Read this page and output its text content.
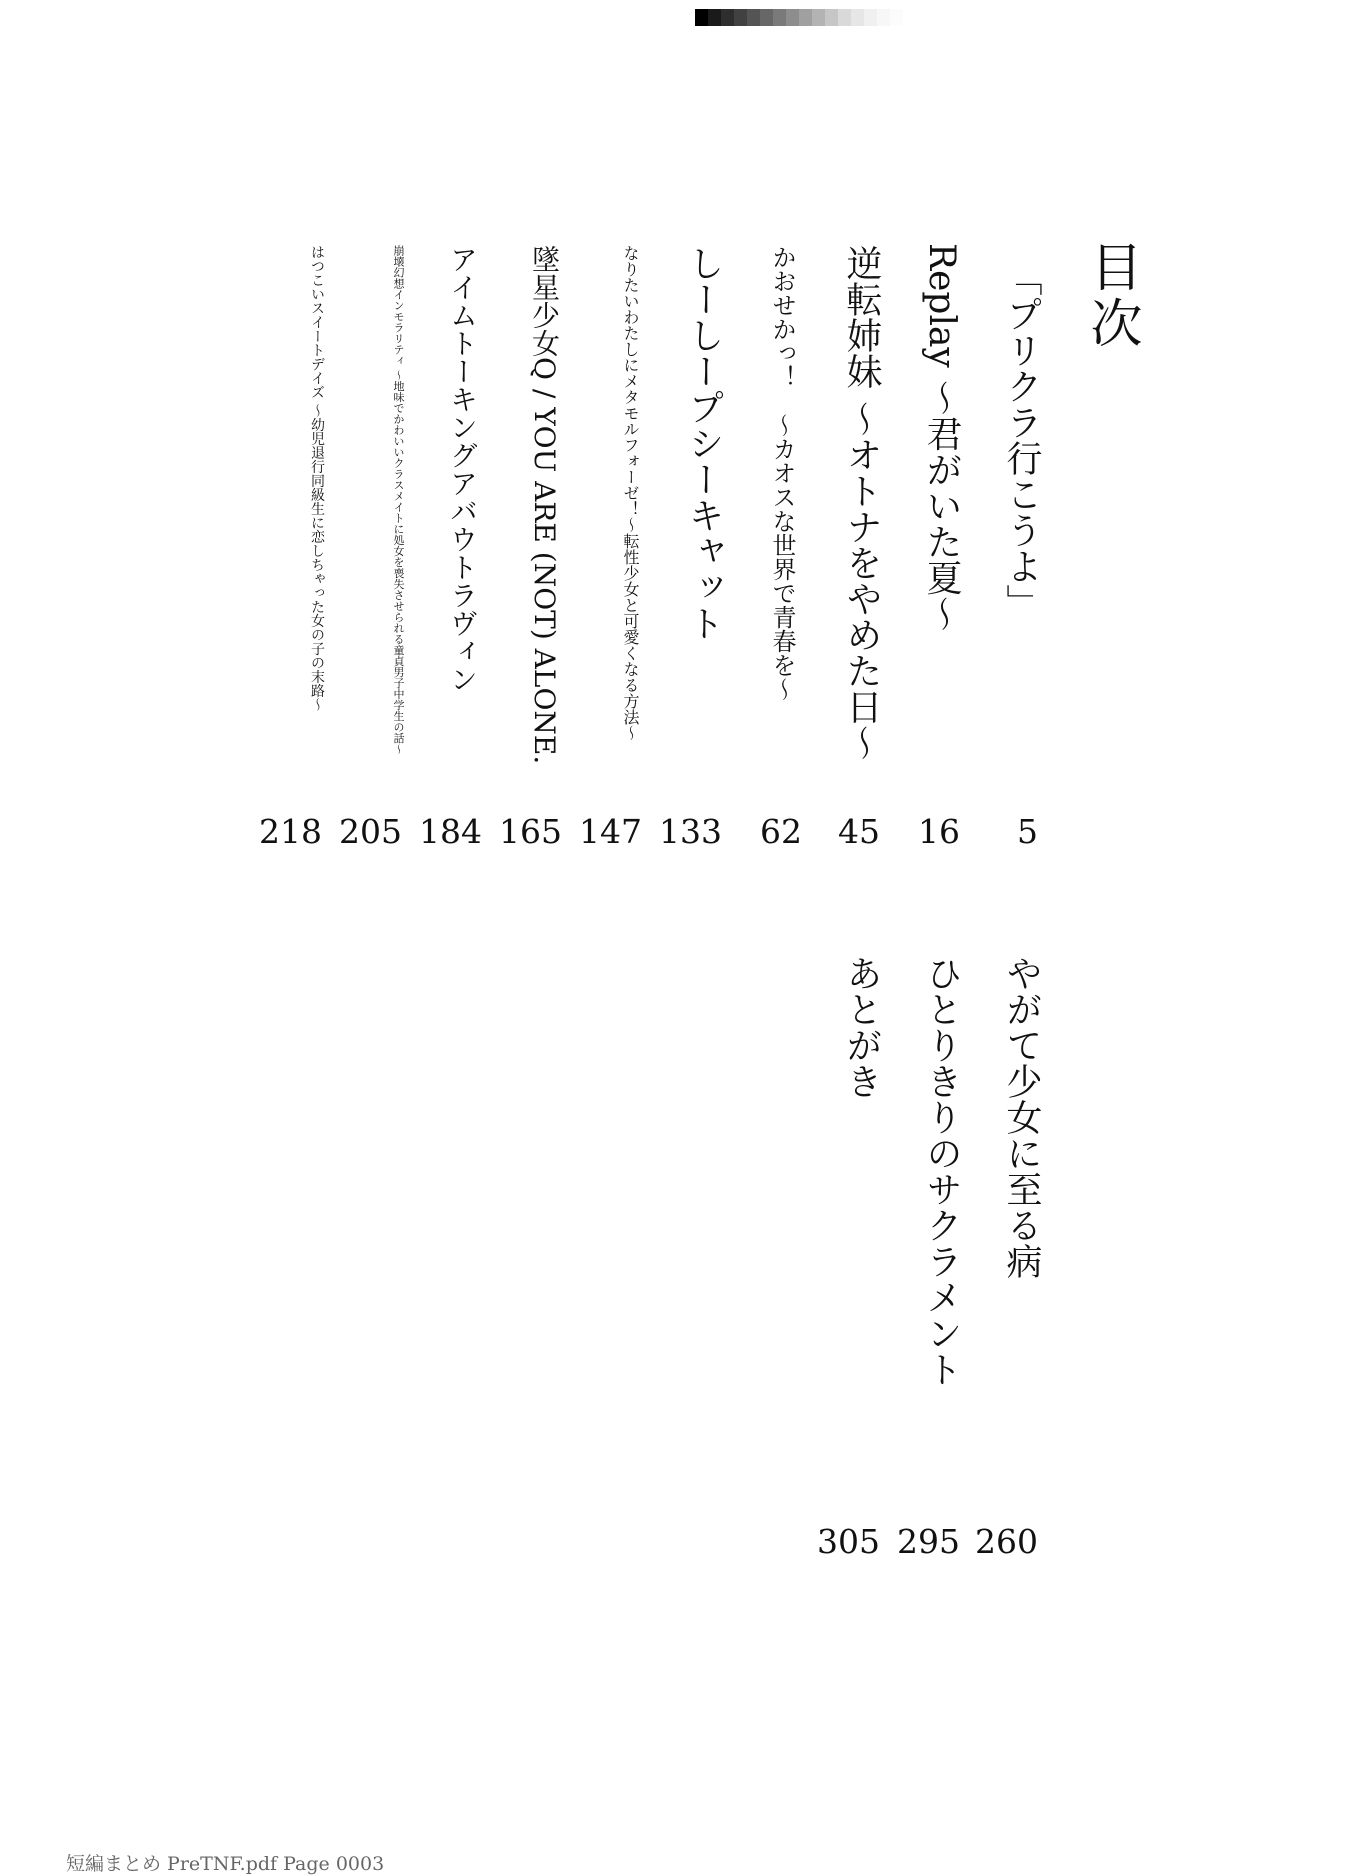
目次
「プリクラ行こうよ」
5
Replay ～君がいた夏～
16
逆転姉妹 ～オトナをやめた日～
45
かおせかっ！　～カオスな世界で青春を～
62
しーしープシーキャット
133
なりたいわたしにメタモルフォーゼ！～転性少女と可愛くなる方法～
147
墜星少女Q / YOU ARE (NOT) ALONE.
165
アイムトーキングアバウトラヴィン
184
崩壊幻想インモラリティ ～地味でかわいいクラスメイトに処女を喪失させられる童貞男子中学生の話～
205
はつこいスイートデイズ ～幼児退行同級生に恋しちゃった女の子の末路～
218
やがて少女に至る病
260
ひとりきりのサクラメント
295
あとがき
305
短編まとめ PreTNF.pdf Page 0003
